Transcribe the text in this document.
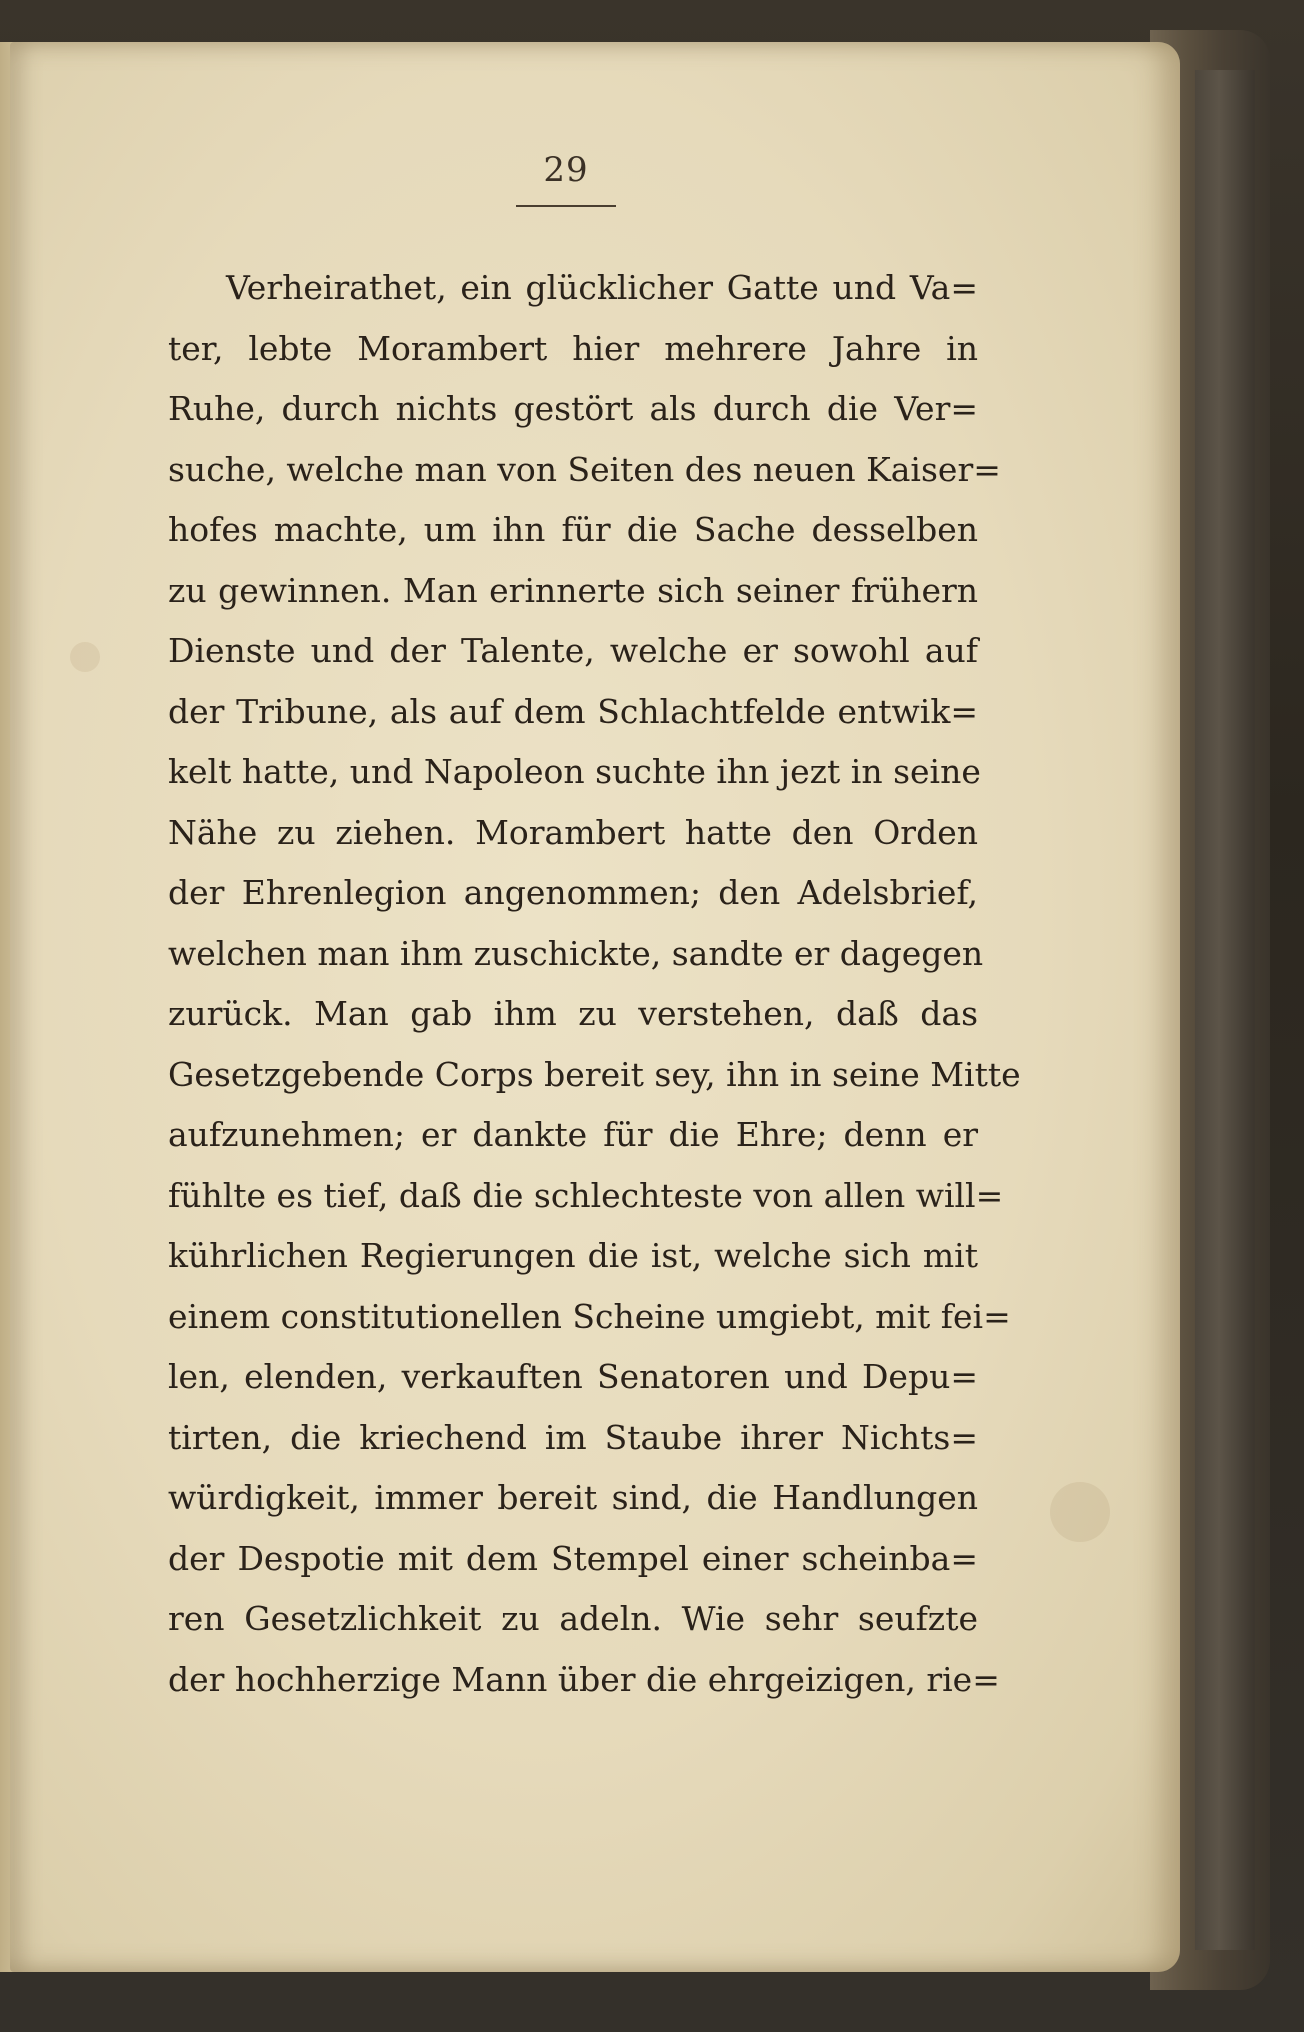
29
Verheirathet, ein glücklicher Gatte und Va=
ter, lebte Morambert hier mehrere Jahre in
Ruhe, durch nichts gestört als durch die Ver=
suche, welche man von Seiten des neuen Kaiser=
hofes machte, um ihn für die Sache desselben
zu gewinnen. Man erinnerte sich seiner frühern
Dienste und der Talente, welche er sowohl auf
der Tribune, als auf dem Schlachtfelde entwik=
kelt hatte, und Napoleon suchte ihn jezt in seine
Nähe zu ziehen. Morambert hatte den Orden
der Ehrenlegion angenommen; den Adelsbrief,
welchen man ihm zuschickte, sandte er dagegen
zurück. Man gab ihm zu verstehen, daß das
Gesetzgebende Corps bereit sey, ihn in seine Mitte
aufzunehmen; er dankte für die Ehre; denn er
fühlte es tief, daß die schlechteste von allen will=
kührlichen Regierungen die ist, welche sich mit
einem constitutionellen Scheine umgiebt, mit fei=
len, elenden, verkauften Senatoren und Depu=
tirten, die kriechend im Staube ihrer Nichts=
würdigkeit, immer bereit sind, die Handlungen
der Despotie mit dem Stempel einer scheinba=
ren Gesetzlichkeit zu adeln. Wie sehr seufzte
der hochherzige Mann über die ehrgeizigen, rie=
